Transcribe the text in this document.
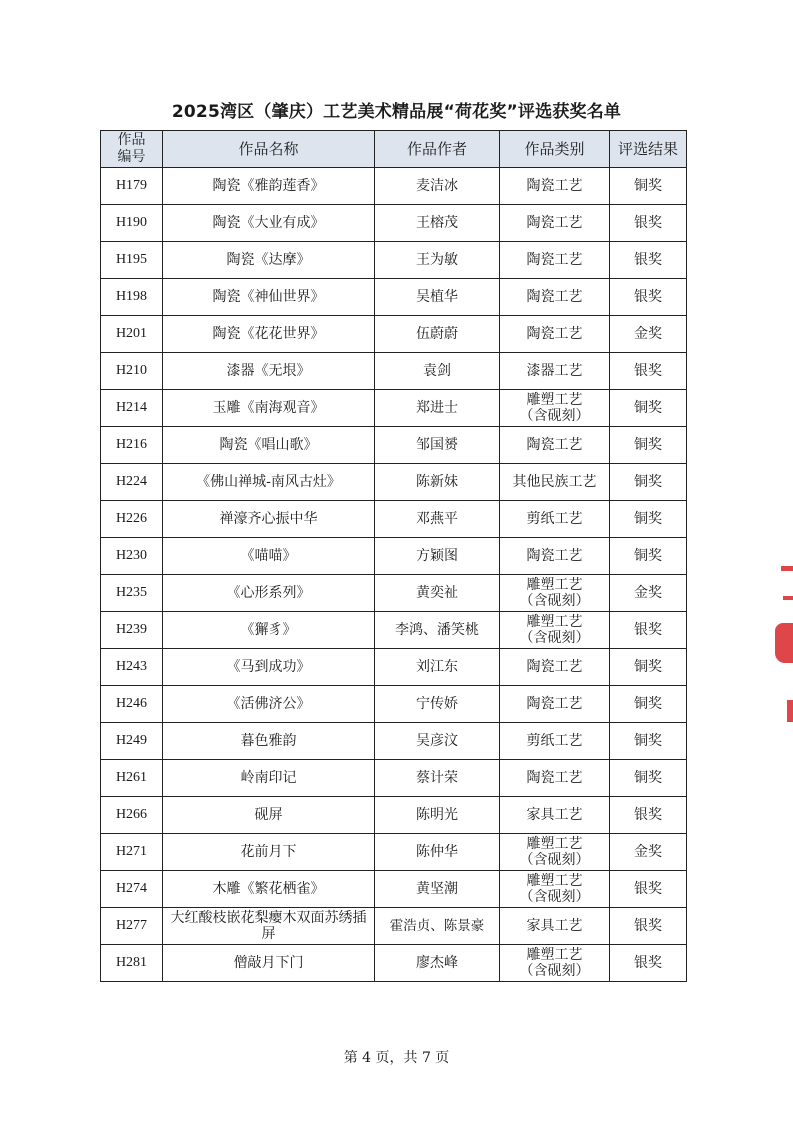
2025湾区（肇庆）工艺美术精品展“荷花奖”评选获奖名单
作品编号	作品名称	作品作者	作品类别	评选结果
H179	陶瓷《雅韵莲香》	麦洁冰	陶瓷工艺	铜奖
H190	陶瓷《大业有成》	王榕茂	陶瓷工艺	银奖
H195	陶瓷《达摩》	王为敏	陶瓷工艺	银奖
H198	陶瓷《神仙世界》	吴植华	陶瓷工艺	银奖
H201	陶瓷《花花世界》	伍蔚蔚	陶瓷工艺	金奖
H210	漆器《无垠》	袁剑	漆器工艺	银奖
H214	玉雕《南海观音》	郑进士	雕塑工艺（含砚刻）	铜奖
H216	陶瓷《唱山歌》	邹国赟	陶瓷工艺	铜奖
H224	《佛山禅城-南风古灶》	陈新妹	其他民族工艺	铜奖
H226	禅濠齐心振中华	邓燕平	剪纸工艺	铜奖
H230	《喵喵》	方颖图	陶瓷工艺	铜奖
H235	《心形系列》	黄奕祉	雕塑工艺（含砚刻）	金奖
H239	《獬豸》	李鸿、潘笑桃	雕塑工艺（含砚刻）	银奖
H243	《马到成功》	刘江东	陶瓷工艺	铜奖
H246	《活佛济公》	宁传娇	陶瓷工艺	铜奖
H249	暮色雅韵	吴彦汶	剪纸工艺	铜奖
H261	岭南印记	蔡计荣	陶瓷工艺	铜奖
H266	砚屏	陈明光	家具工艺	银奖
H271	花前月下	陈仲华	雕塑工艺（含砚刻）	金奖
H274	木雕《繁花栖雀》	黄坚潮	雕塑工艺（含砚刻）	银奖
H277	大红酸枝嵌花梨瘿木双面苏绣插屏	霍浩贞、陈景豪	家具工艺	银奖
H281	僧敲月下门	廖杰峰	雕塑工艺（含砚刻）	银奖
第 4 页，共 7 页
